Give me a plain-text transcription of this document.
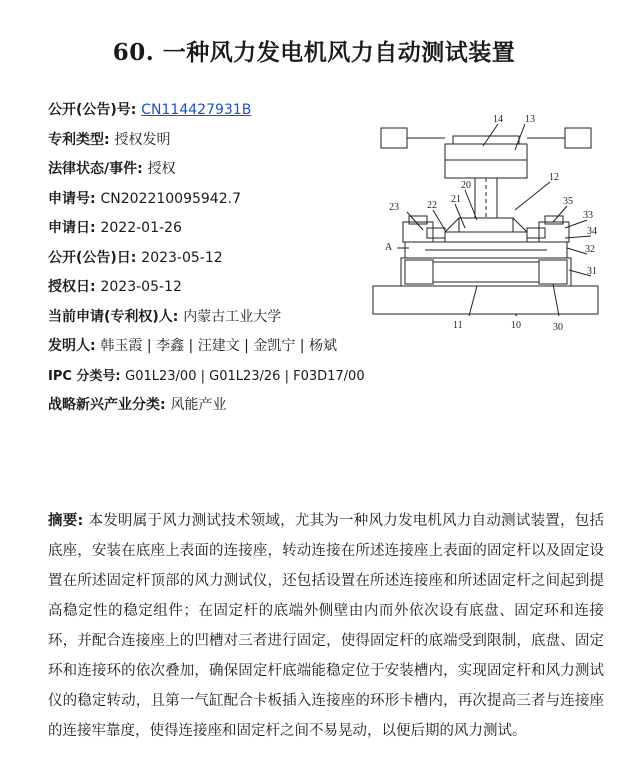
60. 一种风力发电机风力自动测试装置
公开(公告)号: CN114427931B
专利类型: 授权发明
法律状态/事件: 授权
申请号: CN202210095942.7
申请日: 2022-01-26
公开(公告)日: 2023-05-12
授权日: 2023-05-12
当前申请(专利权)人: 内蒙古工业大学
发明人: 韩玉霞 | 李鑫 | 汪建文 | 金凯宁 | 杨斌
IPC 分类号: G01L23/00 | G01L23/26 | F03D17/00
战略新兴产业分类: 风能产业
14 13
12
20
21
22
23
35
33
34
32
31
A
11	10	30
摘要: 本发明属于风力测试技术领域，尤其为一种风力发电机风力自动测试装置，包括底座，安装在底座上表面的连接座，转动连接在所述连接座上表面的固定杆以及固定设置在所述固定杆顶部的风力测试仪，还包括设置在所述连接座和所述固定杆之间起到提高稳定性的稳定组件；在固定杆的底端外侧壁由内而外依次设有底盘、固定环和连接环，并配合连接座上的凹槽对三者进行固定，使得固定杆的底端受到限制，底盘、固定环和连接环的依次叠加，确保固定杆底端能稳定位于安装槽内，实现固定杆和风力测试仪的稳定转动，且第一气缸配合卡板插入连接座的环形卡槽内，再次提高三者与连接座的连接牢靠度，使得连接座和固定杆之间不易晃动，以便后期的风力测试。
